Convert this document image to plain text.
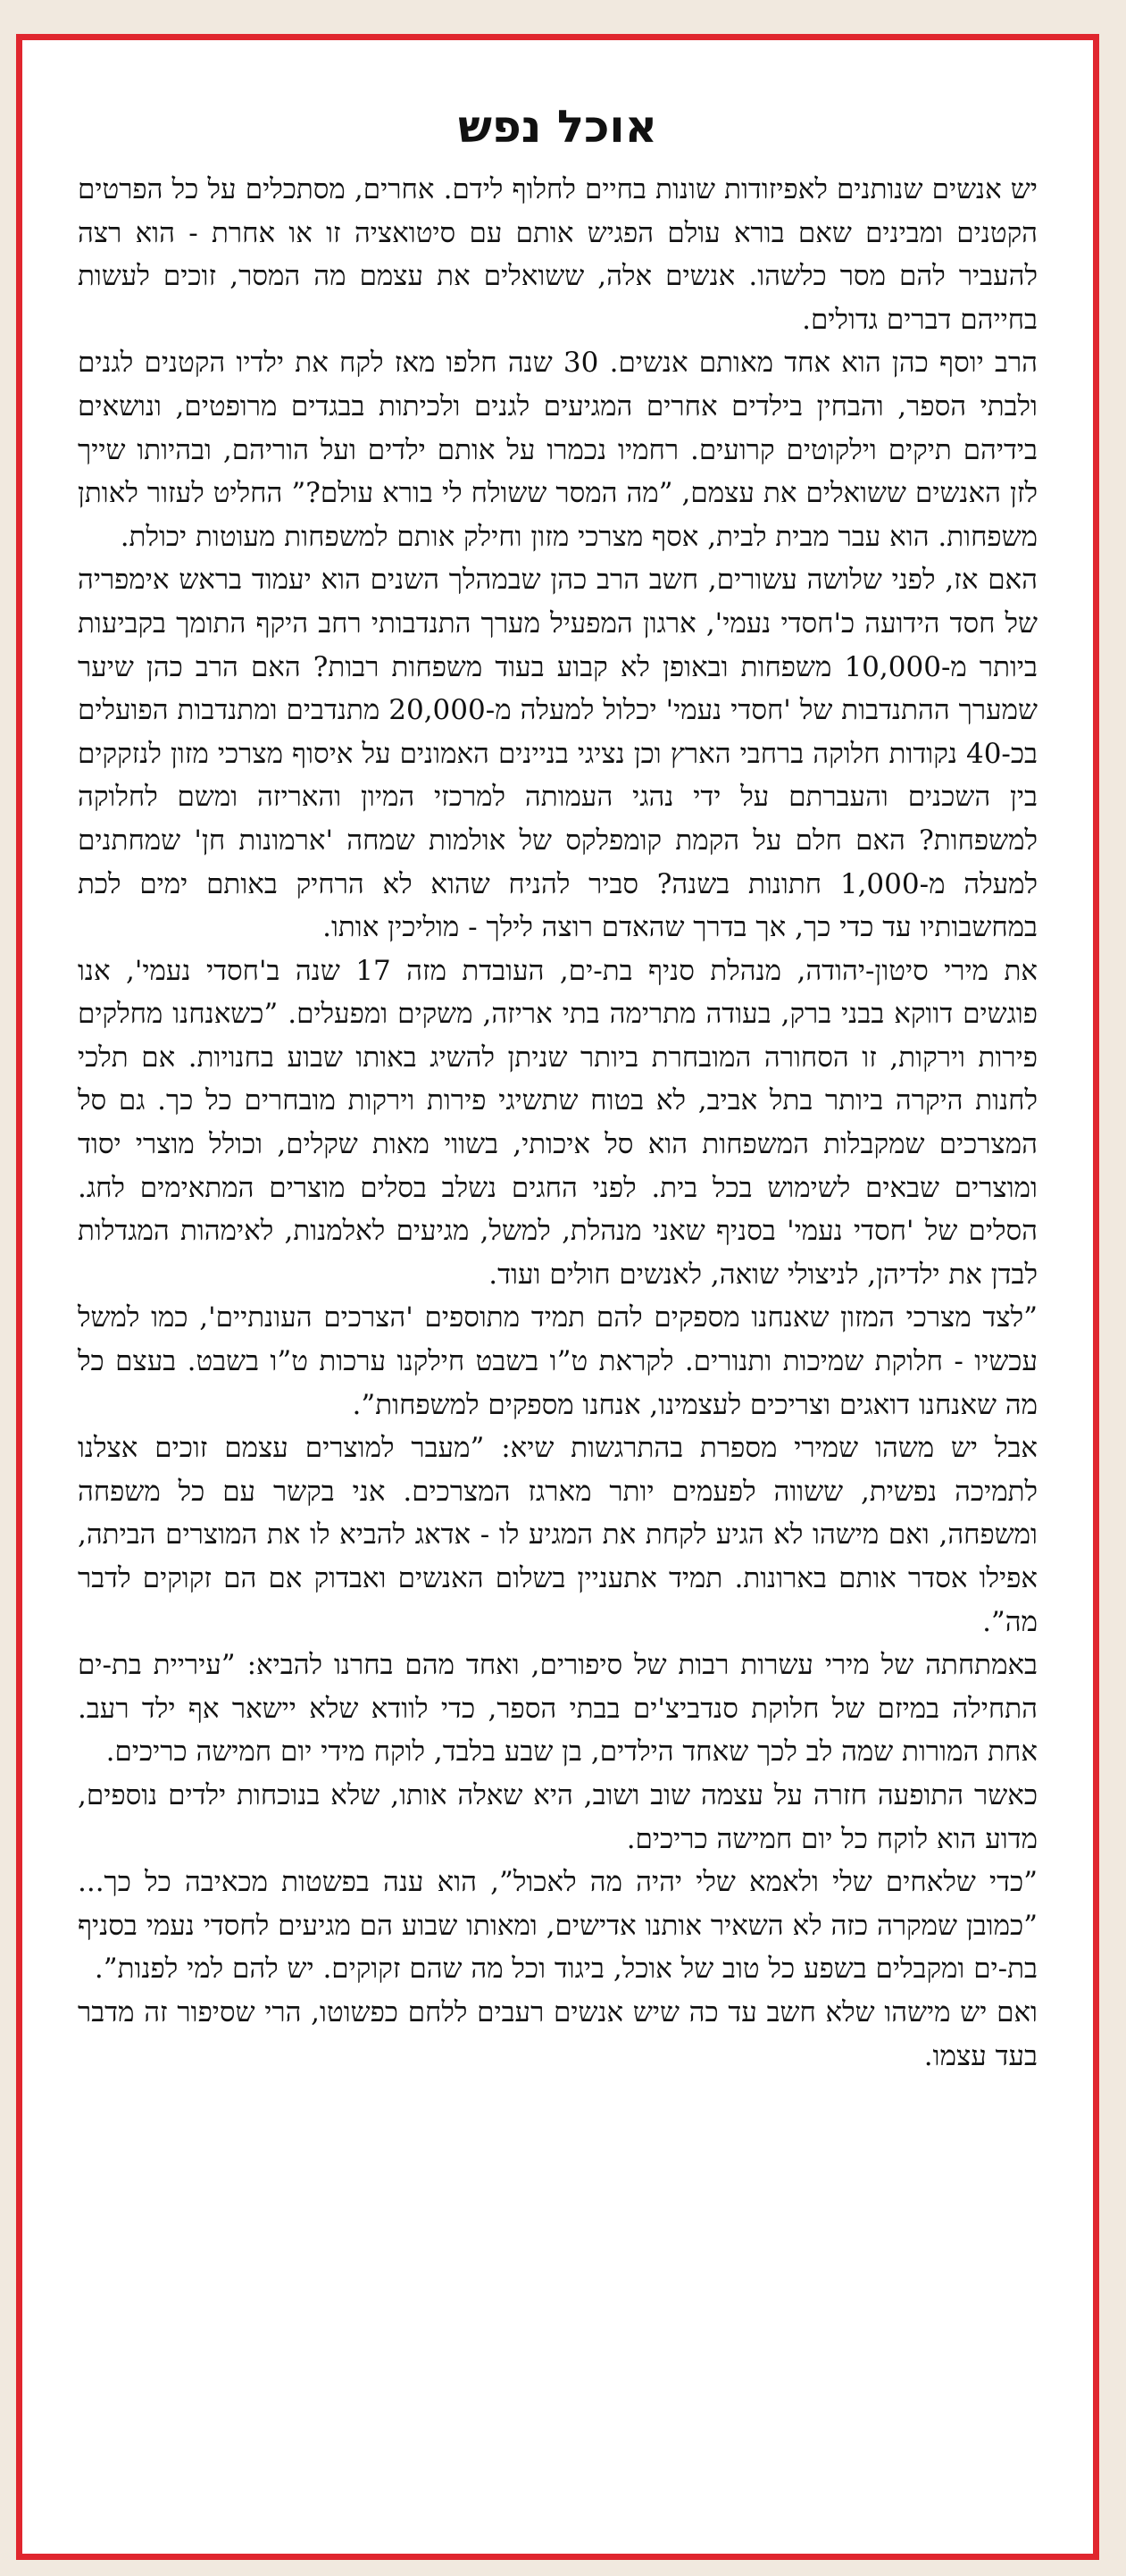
אוכל נפש

יש אנשים שנותנים לאפיזודות שונות בחיים לחלוף לידם. אחרים, מסתכלים על כל הפרטים הקטנים ומבינים שאם בורא עולם הפגיש אותם עם סיטואציה זו או אחרת - הוא רצה להעביר להם מסר כלשהו. אנשים אלה, ששואלים את עצמם מה המסר, זוכים לעשות בחייהם דברים גדולים.

הרב יוסף כהן הוא אחד מאותם אנשים. 30 שנה חלפו מאז לקח את ילדיו הקטנים לגנים ולבתי הספר, והבחין בילדים אחרים המגיעים לגנים ולכיתות בבגדים מרופטים, ונושאים בידיהם תיקים וילקוטים קרועים. רחמיו נכמרו על אותם ילדים ועל הוריהם, ובהיותו שייך לזן האנשים ששואלים את עצמם, ”מה המסר ששולח לי בורא עולם?” החליט לעזור לאותן משפחות. הוא עבר מבית לבית, אסף מצרכי מזון וחילק אותם למשפחות מעוטות יכולת.

האם אז, לפני שלושה עשורים, חשב הרב כהן שבמהלך השנים הוא יעמוד בראש אימפריה של חסד הידועה כ'חסדי נעמי', ארגון המפעיל מערך התנדבותי רחב היקף התומך בקביעות ביותר מ-10,000 משפחות ובאופן לא קבוע בעוד משפחות רבות? האם הרב כהן שיער שמערך ההתנדבות של 'חסדי נעמי' יכלול למעלה מ-20,000 מתנדבים ומתנדבות הפועלים בכ-40 נקודות חלוקה ברחבי הארץ וכן נציגי בניינים האמונים על איסוף מצרכי מזון לנזקקים בין השכנים והעברתם על ידי נהגי העמותה למרכזי המיון והאריזה ומשם לחלוקה למשפחות? האם חלם על הקמת קומפלקס של אולמות שמחה 'ארמונות חן' שמחתנים למעלה מ-1,000 חתונות בשנה? סביר להניח שהוא לא הרחיק באותם ימים לכת במחשבותיו עד כדי כך, אך בדרך שהאדם רוצה לילך - מוליכין אותו.

את מירי סיטון-יהודה, מנהלת סניף בת-ים, העובדת מזה 17 שנה ב'חסדי נעמי', אנו פוגשים דווקא בבני ברק, בעודה מתרימה בתי אריזה, משקים ומפעלים. ”כשאנחנו מחלקים פירות וירקות, זו הסחורה המובחרת ביותר שניתן להשיג באותו שבוע בחנויות. אם תלכי לחנות היקרה ביותר בתל אביב, לא בטוח שתשיגי פירות וירקות מובחרים כל כך. גם סל המצרכים שמקבלות המשפחות הוא סל איכותי, בשווי מאות שקלים, וכולל מוצרי יסוד ומוצרים שבאים לשימוש בכל בית. לפני החגים נשלב בסלים מוצרים המתאימים לחג. הסלים של 'חסדי נעמי' בסניף שאני מנהלת, למשל, מגיעים לאלמנות, לאימהות המגדלות לבדן את ילדיהן, לניצולי שואה, לאנשים חולים ועוד.

”לצד מצרכי המזון שאנחנו מספקים להם תמיד מתוספים 'הצרכים העונתיים', כמו למשל עכשיו - חלוקת שמיכות ותנורים. לקראת ט”ו בשבט חילקנו ערכות ט”ו בשבט. בעצם כל מה שאנחנו דואגים וצריכים לעצמינו, אנחנו מספקים למשפחות”.

אבל יש משהו שמירי מספרת בהתרגשות שיא: ”מעבר למוצרים עצמם זוכים אצלנו לתמיכה נפשית, ששווה לפעמים יותר מארגז המצרכים. אני בקשר עם כל משפחה ומשפחה, ואם מישהו לא הגיע לקחת את המגיע לו - אדאג להביא לו את המוצרים הביתה, אפילו אסדר אותם בארונות. תמיד אתעניין בשלום האנשים ואבדוק אם הם זקוקים לדבר מה”.

באמתחתה של מירי עשרות רבות של סיפורים, ואחד מהם בחרנו להביא: ”עיריית בת-ים התחילה במיזם של חלוקת סנדביצ'ים בבתי הספר, כדי לוודא שלא יישאר אף ילד רעב. אחת המורות שמה לב לכך שאחד הילדים, בן שבע בלבד, לוקח מידי יום חמישה כריכים.

כאשר התופעה חזרה על עצמה שוב ושוב, היא שאלה אותו, שלא בנוכחות ילדים נוספים, מדוע הוא לוקח כל יום חמישה כריכים.

”כדי שלאחים שלי ולאמא שלי יהיה מה לאכול”, הוא ענה בפשטות מכאיבה כל כך... ”כמובן שמקרה כזה לא השאיר אותנו אדישים, ומאותו שבוע הם מגיעים לחסדי נעמי בסניף בת-ים ומקבלים בשפע כל טוב של אוכל, ביגוד וכל מה שהם זקוקים. יש להם למי לפנות”.

ואם יש מישהו שלא חשב עד כה שיש אנשים רעבים ללחם כפשוטו, הרי שסיפור זה מדבר בעד עצמו.
